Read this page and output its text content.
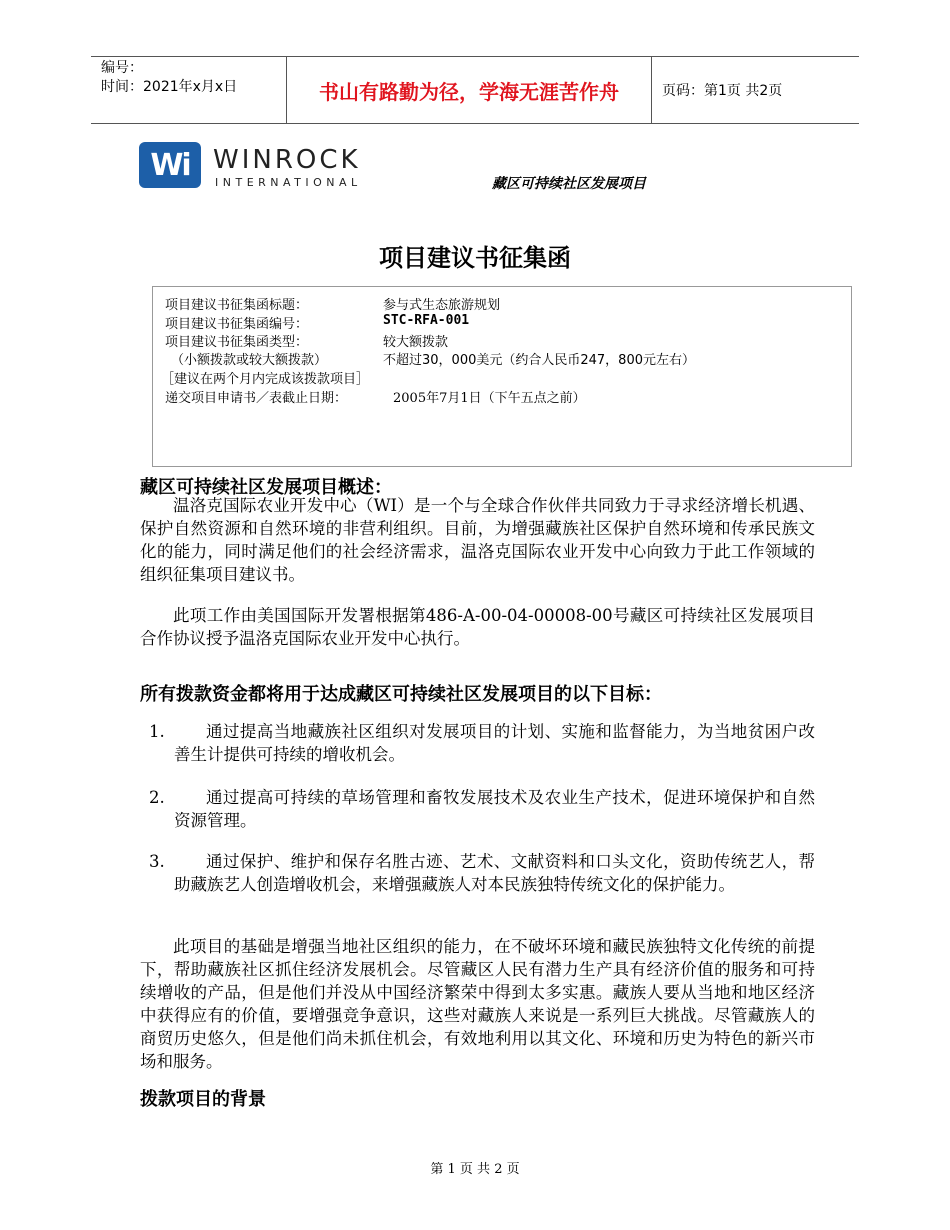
编号：
时间：2021年x月x日	书山有路勤为径，学海无涯苦作舟	页码：第1页 共2页
Wi WINROCK
INTERNATIONAL	藏区可持续社区发展项目
项目建议书征集函
项目建议书征集函标题：	参与式生态旅游规划
项目建议书征集函编号：	STC-RFA-001
项目建议书征集函类型：	较大额拨款
（小额拨款或较大额拨款）	不超过30，000美元（约合人民币247，800元左右）
［建议在两个月内完成该拨款项目］
递交项目申请书／表截止日期：	2005年7月1日（下午五点之前）
藏区可持续社区发展项目概述：
温洛克国际农业开发中心（WI）是一个与全球合作伙伴共同致力于寻求经济增长机遇、保护自然资源和自然环境的非营利组织。目前，为增强藏族社区保护自然环境和传承民族文化的能力，同时满足他们的社会经济需求，温洛克国际农业开发中心向致力于此工作领域的组织征集项目建议书。
此项工作由美国国际开发署根据第486-A-00-04-00008-00号藏区可持续社区发展项目合作协议授予温洛克国际农业开发中心执行。
所有拨款资金都将用于达成藏区可持续社区发展项目的以下目标：
1.	通过提高当地藏族社区组织对发展项目的计划、实施和监督能力，为当地贫困户改善生计提供可持续的增收机会。
2.	通过提高可持续的草场管理和畜牧发展技术及农业生产技术，促进环境保护和自然资源管理。
3.	通过保护、维护和保存名胜古迹、艺术、文献资料和口头文化，资助传统艺人，帮助藏族艺人创造增收机会，来增强藏族人对本民族独特传统文化的保护能力。
此项目的基础是增强当地社区组织的能力，在不破坏环境和藏民族独特文化传统的前提下，帮助藏族社区抓住经济发展机会。尽管藏区人民有潜力生产具有经济价值的服务和可持续增收的产品，但是他们并没从中国经济繁荣中得到太多实惠。藏族人要从当地和地区经济中获得应有的价值，要增强竞争意识，这些对藏族人来说是一系列巨大挑战。尽管藏族人的商贸历史悠久，但是他们尚未抓住机会，有效地利用以其文化、环境和历史为特色的新兴市场和服务。
拨款项目的背景
第 1 页 共 2 页
